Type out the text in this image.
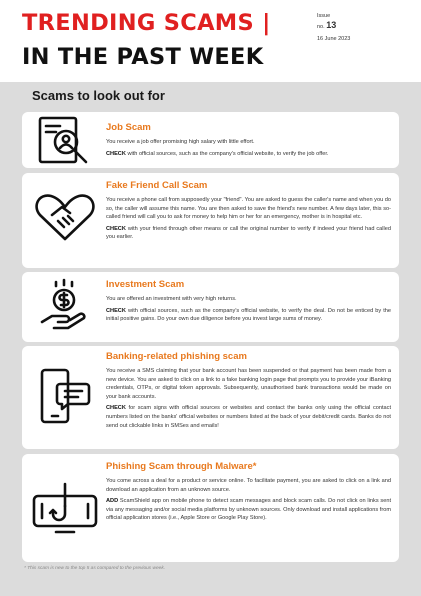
TRENDING SCAMS |
IN THE PAST WEEK
Issue
no. 13
16 June 2023
Scams to look out for
Job Scam

You receive a job offer promising high salary with little effort.

CHECK with official sources, such as the company's official website, to verify the job offer.

Fake Friend Call Scam

You receive a phone call from supposedly your "friend". You are asked to guess the caller's name and when you do so, the caller will assume this name. You are then asked to save the friend's new number. A few days later, this so-called friend will call you to ask for money to help him or her for an emergency, mother is in hospital etc.

CHECK with your friend through other means or call the original number to verify if indeed your friend had called you earlier.

Investment Scam

You are offered an investment with very high returns.

CHECK with official sources, such as the company's official website, to verify the deal. Do not be enticed by the initial positive gains. Do your own due diligence before you invest large sums of money.

Banking-related phishing scam

You receive a SMS claiming that your bank account has been suspended or that payment has been made from a new device. You are asked to click on a link to a fake banking login page that prompts you to provide your iBanking credentials, OTPs, or digital token approvals. Subsequently, unauthorised bank transactions would be made on your bank accounts.

CHECK for scam signs with official sources or websites and contact the banks only using the official contact numbers listed on the banks' official websites or numbers listed at the back of your debit/credit cards. Banks do not send out clickable links in SMSes and emails!

Phishing Scam through Malware*

You come across a deal for a product or service online. To facilitate payment, you are asked to click on a link and download an application from an unknown source.

ADD ScamShield app on mobile phone to detect scam messages and block scam calls. Do not click on links sent via any messaging and/or social media platforms by unknown sources. Only download and install applications from official application stores (i.e., Apple Store or Google Play Store).

* This scam is new to the top 5 as compared to the previous week.
